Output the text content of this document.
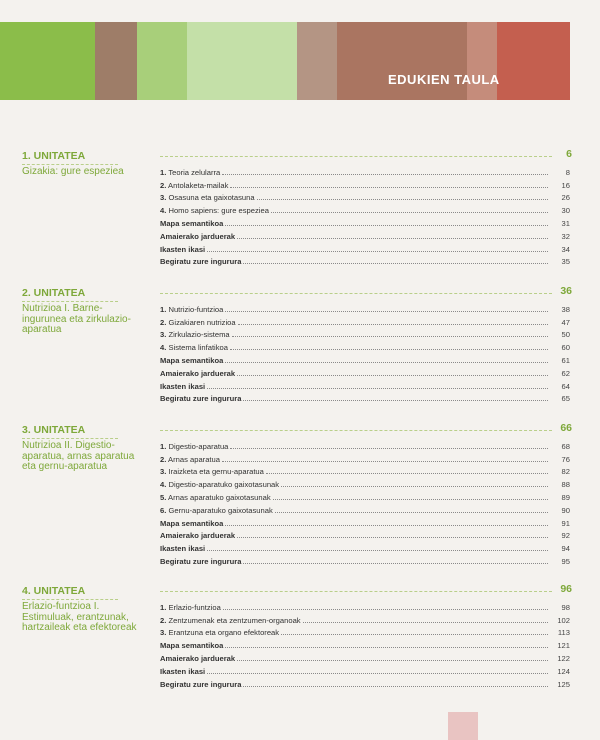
EDUKIEN TAULA
1. UNITATEA
Gizakia: gure espeziea
6
1. Teoria zelularra	8
2. Antolaketa-mailak	16
3. Osasuna eta gaixotasuna	26
4. Homo sapiens: gure espeziea	30
Mapa semantikoa	31
Amaierako jarduerak	32
Ikasten ikasi	34
Begiratu zure ingurura	35
2. UNITATEA
Nutrizioa I. Barne-ingurunea eta zirkulazio-aparatua
36
1. Nutrizio-funtzioa	38
2. Gizakiaren nutrizioa	47
3. Zirkulazio-sistema	50
4. Sistema linfatikoa	60
Mapa semantikoa	61
Amaierako jarduerak	62
Ikasten ikasi	64
Begiratu zure ingurura	65
3. UNITATEA
Nutrizioa II. Digestio-aparatua, arnas aparatua eta gernu-aparatua
66
1. Digestio-aparatua	68
2. Arnas aparatua	76
3. Iraizketa eta gernu-aparatua	82
4. Digestio-aparatuko gaixotasunak	88
5. Arnas aparatuko gaixotasunak	89
6. Gernu-aparatuko gaixotasunak	90
Mapa semantikoa	91
Amaierako jarduerak	92
Ikasten ikasi	94
Begiratu zure ingurura	95
4. UNITATEA
Erlazio-funtzioa I. Estimuluak, erantzunak, hartzaileak eta efektoreak
96
1. Erlazio-funtzioa	98
2. Zentzumenak eta zentzumen-organoak	102
3. Erantzuna eta organo efektoreak	113
Mapa semantikoa	121
Amaierako jarduerak	122
Ikasten ikasi	124
Begiratu zure ingurura	125
